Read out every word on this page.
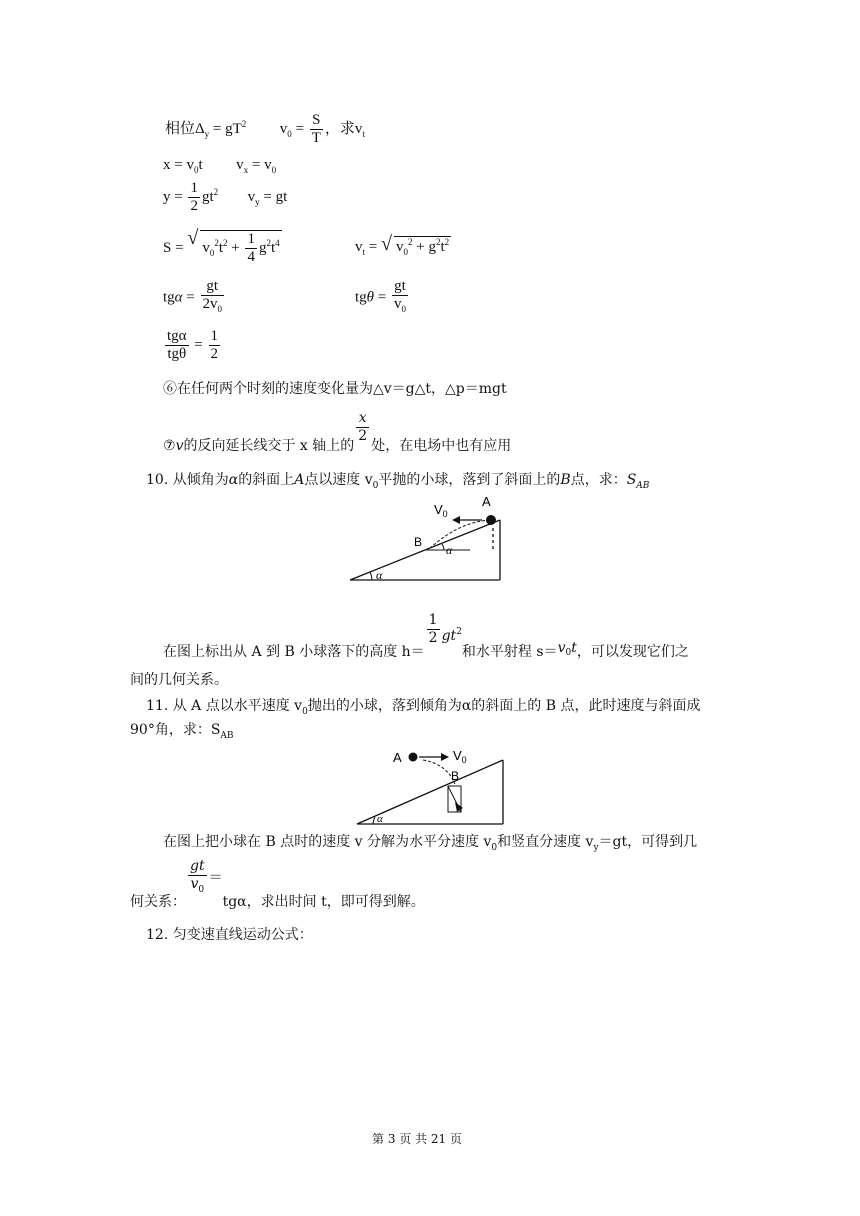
相位$\Delta_y = gT^2$ $v_0 = \frac{S}{T}$ ，求$v_t$
$x = v_0t$ $v_x = v_0$
$y = \frac{1}{2} gt^2$ $v_y$ = gt
S = √ $v_0^2t^2 + \frac{1}{4} g^2t^4$	$v_t$ = √ $v_0^2 + g^2t^2$
$tg\alpha = \frac{gt}{2v_0}$	$tg\theta = \frac{gt}{v_0}$
$\frac{\text{tgα}}{\text{tgθ}} = \frac{1}{2}$
⑥在任何两个时刻的速度变化量为△v＝g△t，△p＝mgt
⑦v的反向延长线交于 x 轴上的
$\frac{x}{2}$
处，在电场中也有应用
10. 从倾角为α的斜面上A点以速度 $v_0$平抛的小球，落到了斜面上的B点，求：$S_{AB}$
$V_0$
A
B
α
α
在图上标出从 A 到 B 小球落下的高度 h＝
$\frac{1}{2} gt^2$和水平射程 $s=v_0t$，可以发现它们之
间的几何关系。
11. 从 A 点以水平速度 $v_0$抛出的小球，落到倾角为α的斜面上的 B 点，此时速度与斜面成
90°角，求：$S_{AB}$
A	$V_0$
B
α
在图上把小球在 B 点时的速度 v 分解为水平分速度 $v_0$和竖直分速度 $v_y=gt$，可得到几
何关系：
$\frac{gt}{v_0} =tg\alpha$，求出时间 t，即可得到解。
12. 匀变速直线运动公式：
第 3 页 共 21 页
